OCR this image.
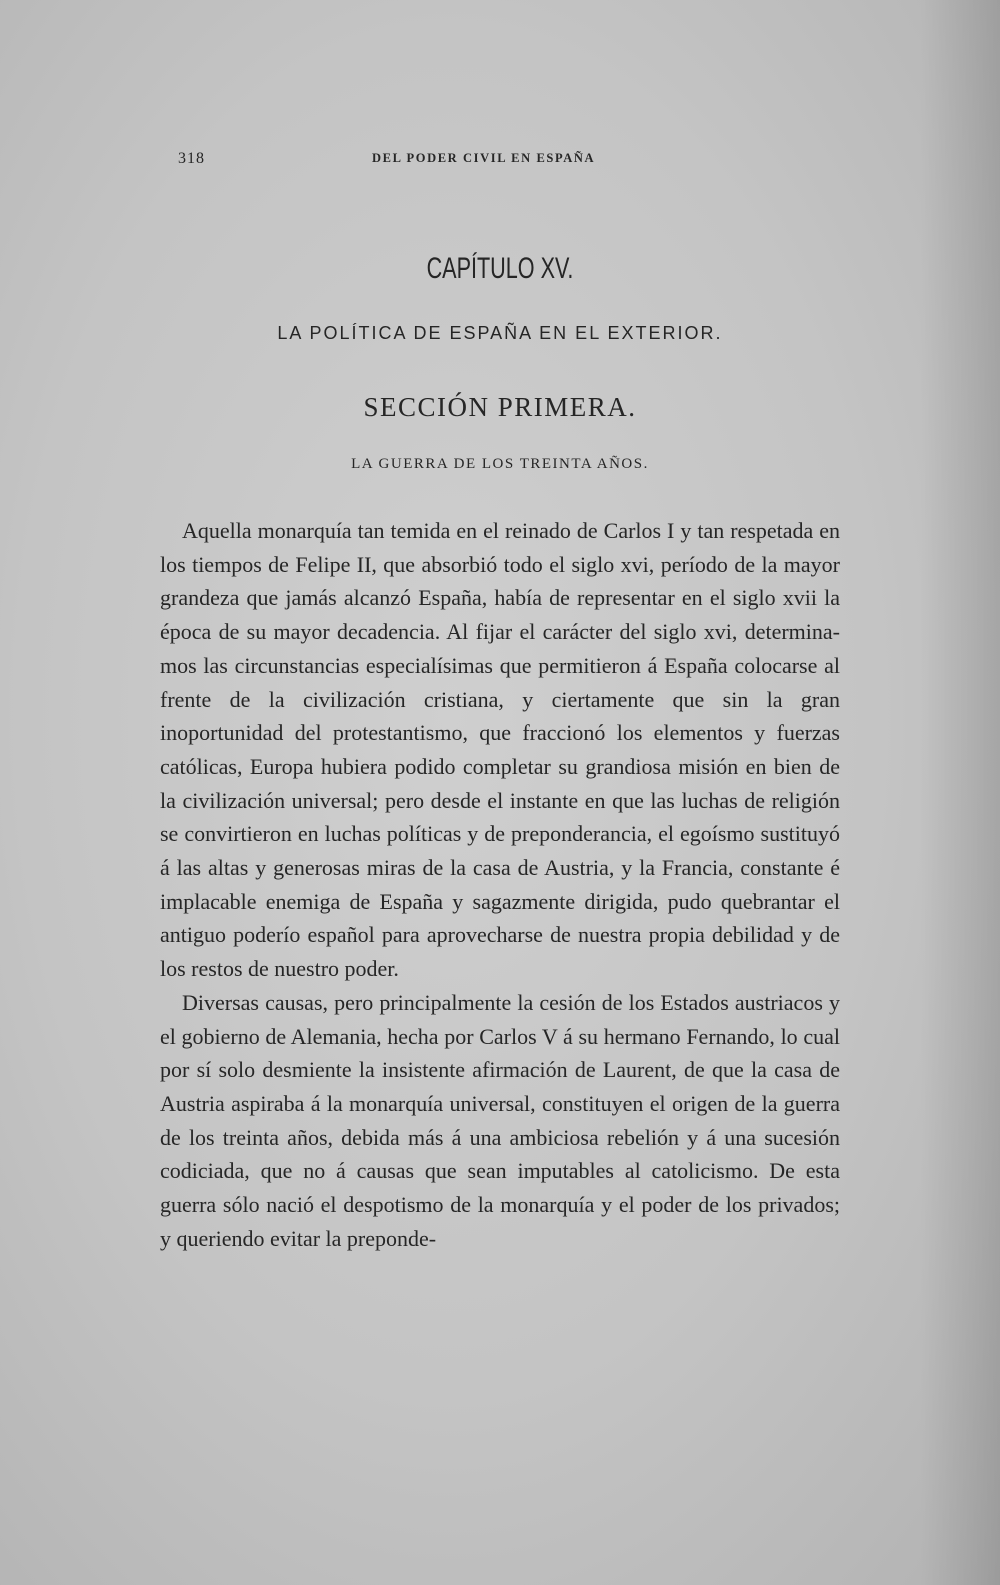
318	DEL PODER CIVIL EN ESPAÑA
CAPÍTULO XV.
LA POLÍTICA DE ESPAÑA EN EL EXTERIOR.
SECCIÓN PRIMERA.
LA GUERRA DE LOS TREINTA AÑOS.

Aquella monarquía tan temida en el reinado de Carlos I y tan respetada en los tiempos de Felipe II, que absorbió todo el siglo xvi, período de la mayor grandeza que jamás alcanzó España, había de representar en el siglo xvii la época de su mayor decadencia. Al fijar el carácter del siglo xvi, determinamos las circunstancias especialísimas que permitieron á España colocarse al frente de la civilización cristiana, y ciertamente que sin la gran inoportunidad del protestantismo, que fraccionó los elementos y fuerzas católicas, Europa hubiera podido completar su grandiosa misión en bien de la civilización universal; pero desde el instante en que las luchas de religión se convirtieron en luchas políticas y de preponderancia, el egoísmo sustituyó á las altas y generosas miras de la casa de Austria, y la Francia, constante é implacable enemiga de España y sagazmente dirigida, pudo quebrantar el antiguo poderío español para aprovecharse de nuestra propia debilidad y de los restos de nuestro poder.

Diversas causas, pero principalmente la cesión de los Estados austriacos y el gobierno de Alemania, hecha por Carlos V á su hermano Fernando, lo cual por sí solo desmiente la insistente afirmación de Laurent, de que la casa de Austria aspiraba á la monarquía universal, constituyen el origen de la guerra de los treinta años, debida más á una ambiciosa rebelión y á una sucesión codiciada, que no á causas que sean imputables al catolicismo. De esta guerra sólo nació el despotismo de la monarquía y el poder de los privados; y queriendo evitar la preponde-
